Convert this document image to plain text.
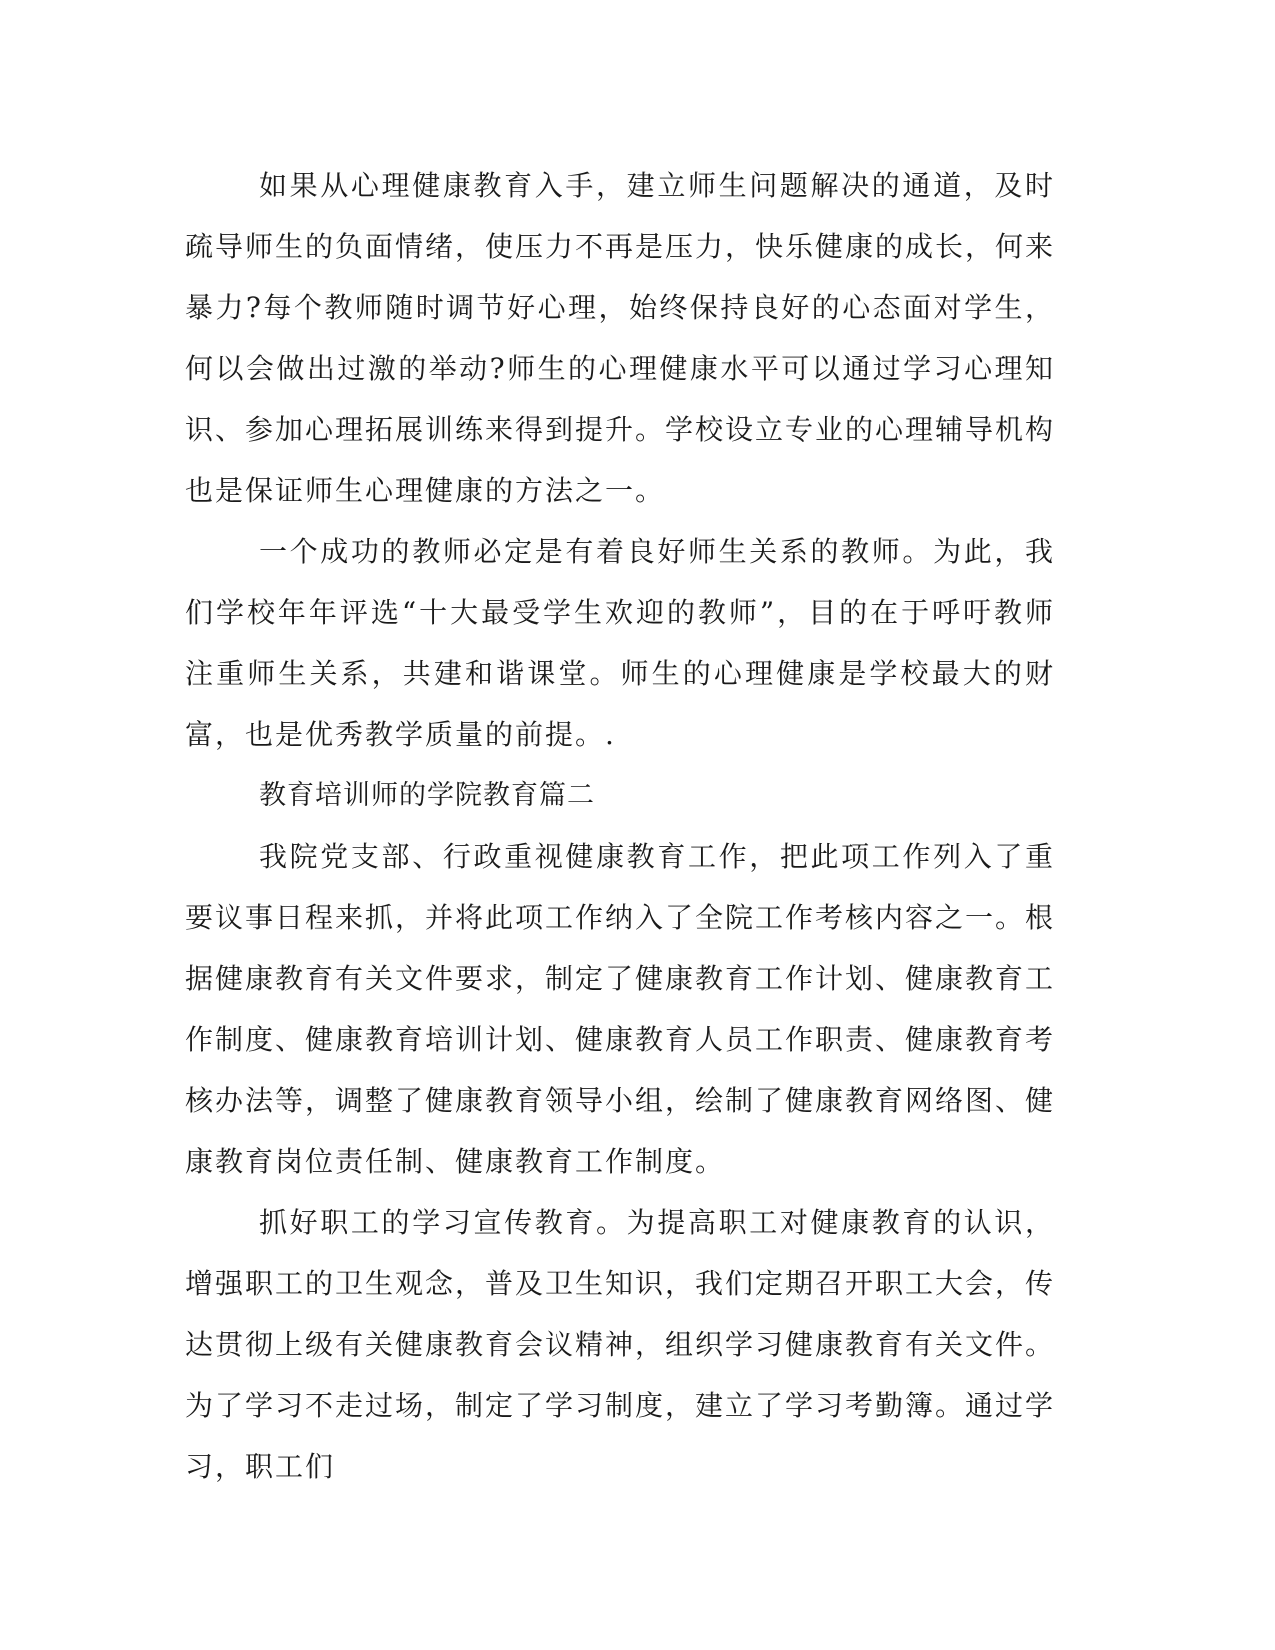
如果从心理健康教育入手，建立师生问题解决的通道，及时疏导师生的负面情绪，使压力不再是压力，快乐健康的成长，何来暴力?每个教师随时调节好心理，始终保持良好的心态面对学生，何以会做出过激的举动?师生的心理健康水平可以通过学习心理知识、参加心理拓展训练来得到提升。学校设立专业的心理辅导机构也是保证师生心理健康的方法之一。

一个成功的教师必定是有着良好师生关系的教师。为此，我们学校年年评选“十大最受学生欢迎的教师”，目的在于呼吁教师注重师生关系，共建和谐课堂。师生的心理健康是学校最大的财富，也是优秀教学质量的前提。.

教育培训师的学院教育篇二

我院党支部、行政重视健康教育工作，把此项工作列入了重要议事日程来抓，并将此项工作纳入了全院工作考核内容之一。根据健康教育有关文件要求，制定了健康教育工作计划、健康教育工作制度、健康教育培训计划、健康教育人员工作职责、健康教育考核办法等，调整了健康教育领导小组，绘制了健康教育网络图、健康教育岗位责任制、健康教育工作制度。

抓好职工的学习宣传教育。为提高职工对健康教育的认识，增强职工的卫生观念，普及卫生知识，我们定期召开职工大会，传达贯彻上级有关健康教育会议精神，组织学习健康教育有关文件。为了学习不走过场，制定了学习制度，建立了学习考勤簿。通过学习，职工们
